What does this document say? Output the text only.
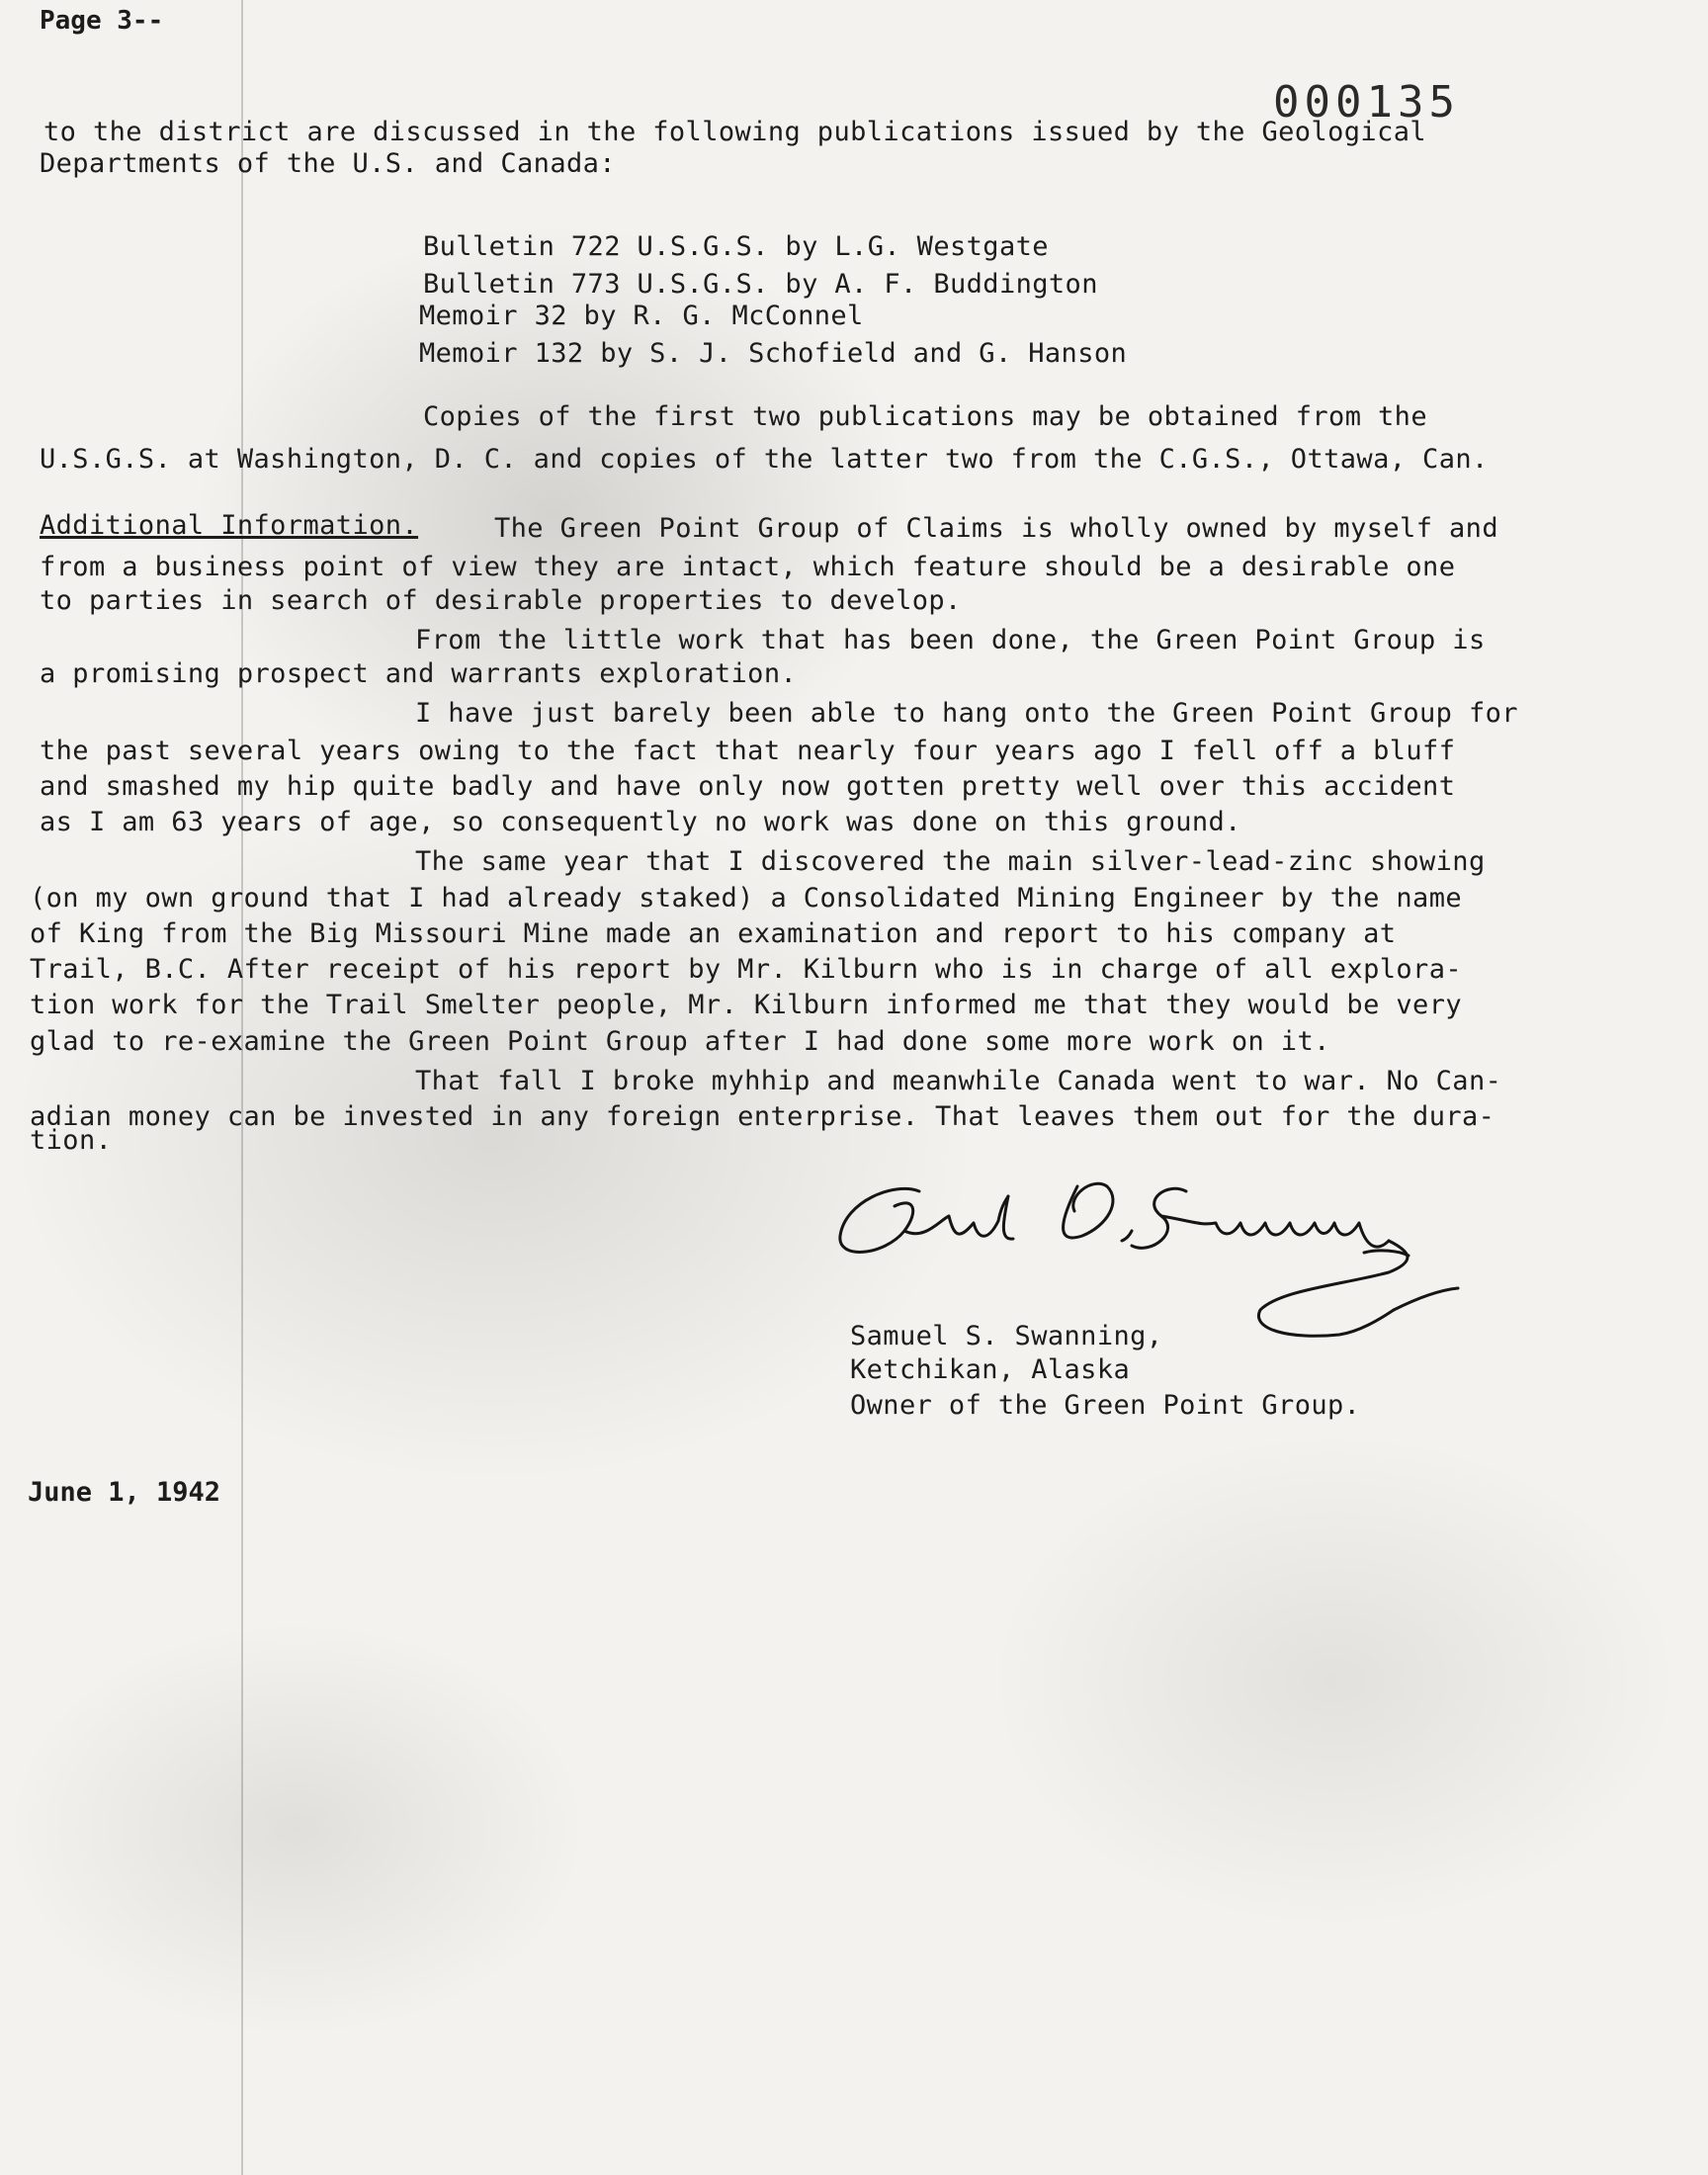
Page 3--
000135
to the district are discussed in the following publications issued by the Geological
Departments of the U.S. and Canada:
Bulletin 722 U.S.G.S. by L.G. Westgate
Bulletin 773 U.S.G.S. by A. F. Buddington
Memoir 32 by R. G. McConnel
Memoir 132 by S. J. Schofield and G. Hanson
Copies of the first two publications may be obtained from the
U.S.G.S. at Washington, D. C. and copies of the latter two from the C.G.S., Ottawa, Can.
Additional Information.	The Green Point Group of Claims is wholly owned by myself and
from a business point of view they are intact, which feature should be a desirable one
to parties in search of desirable properties to develop.
From the little work that has been done, the Green Point Group is
a promising prospect and warrants exploration.
I have just barely been able to hang onto the Green Point Group for
the past several years owing to the fact that nearly four years ago I fell off a bluff
and smashed my hip quite badly and have only now gotten pretty well over this accident
as I am 63 years of age, so consequently no work was done on this ground.
The same year that I discovered the main silver-lead-zinc showing
(on my own ground that I had already staked) a Consolidated Mining Engineer by the name
of King from the Big Missouri Mine made an examination and report to his company at
Trail, B.C. After receipt of his report by Mr. Kilburn who is in charge of all explora-
tion work for the Trail Smelter people, Mr. Kilburn informed me that they would be very
glad to re-examine the Green Point Group after I had done some more work on it.
That fall I broke myhhip and meanwhile Canada went to war. No Can-
adian money can be invested in any foreign enterprise. That leaves them out for the dura-
tion.
Samuel S. Swanning,
Ketchikan, Alaska
Owner of the Green Point Group.
June 1, 1942
